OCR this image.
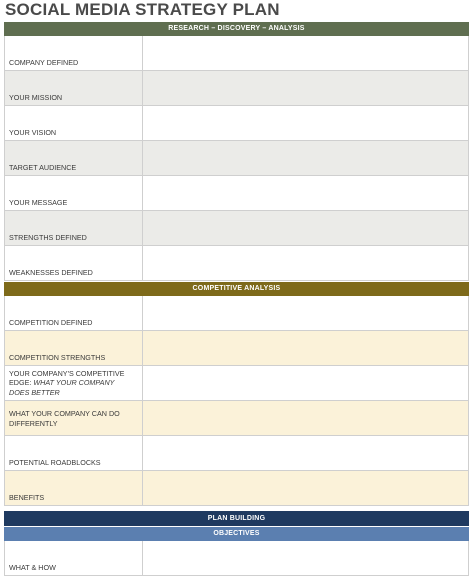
SOCIAL MEDIA STRATEGY PLAN
RESEARCH – DISCOVERY – ANALYSIS
COMPANY DEFINED
YOUR MISSION
YOUR VISION
TARGET AUDIENCE
YOUR MESSAGE
STRENGTHS DEFINED
WEAKNESSES DEFINED
COMPETITIVE ANALYSIS
COMPETITION DEFINED
COMPETITION STRENGTHS
YOUR COMPANY'S COMPETITIVE
EDGE: WHAT YOUR COMPANY
DOES BETTER
WHAT YOUR COMPANY CAN DO
DIFFERENTLY
POTENTIAL ROADBLOCKS
BENEFITS
PLAN BUILDING
OBJECTIVES
WHAT & HOW
